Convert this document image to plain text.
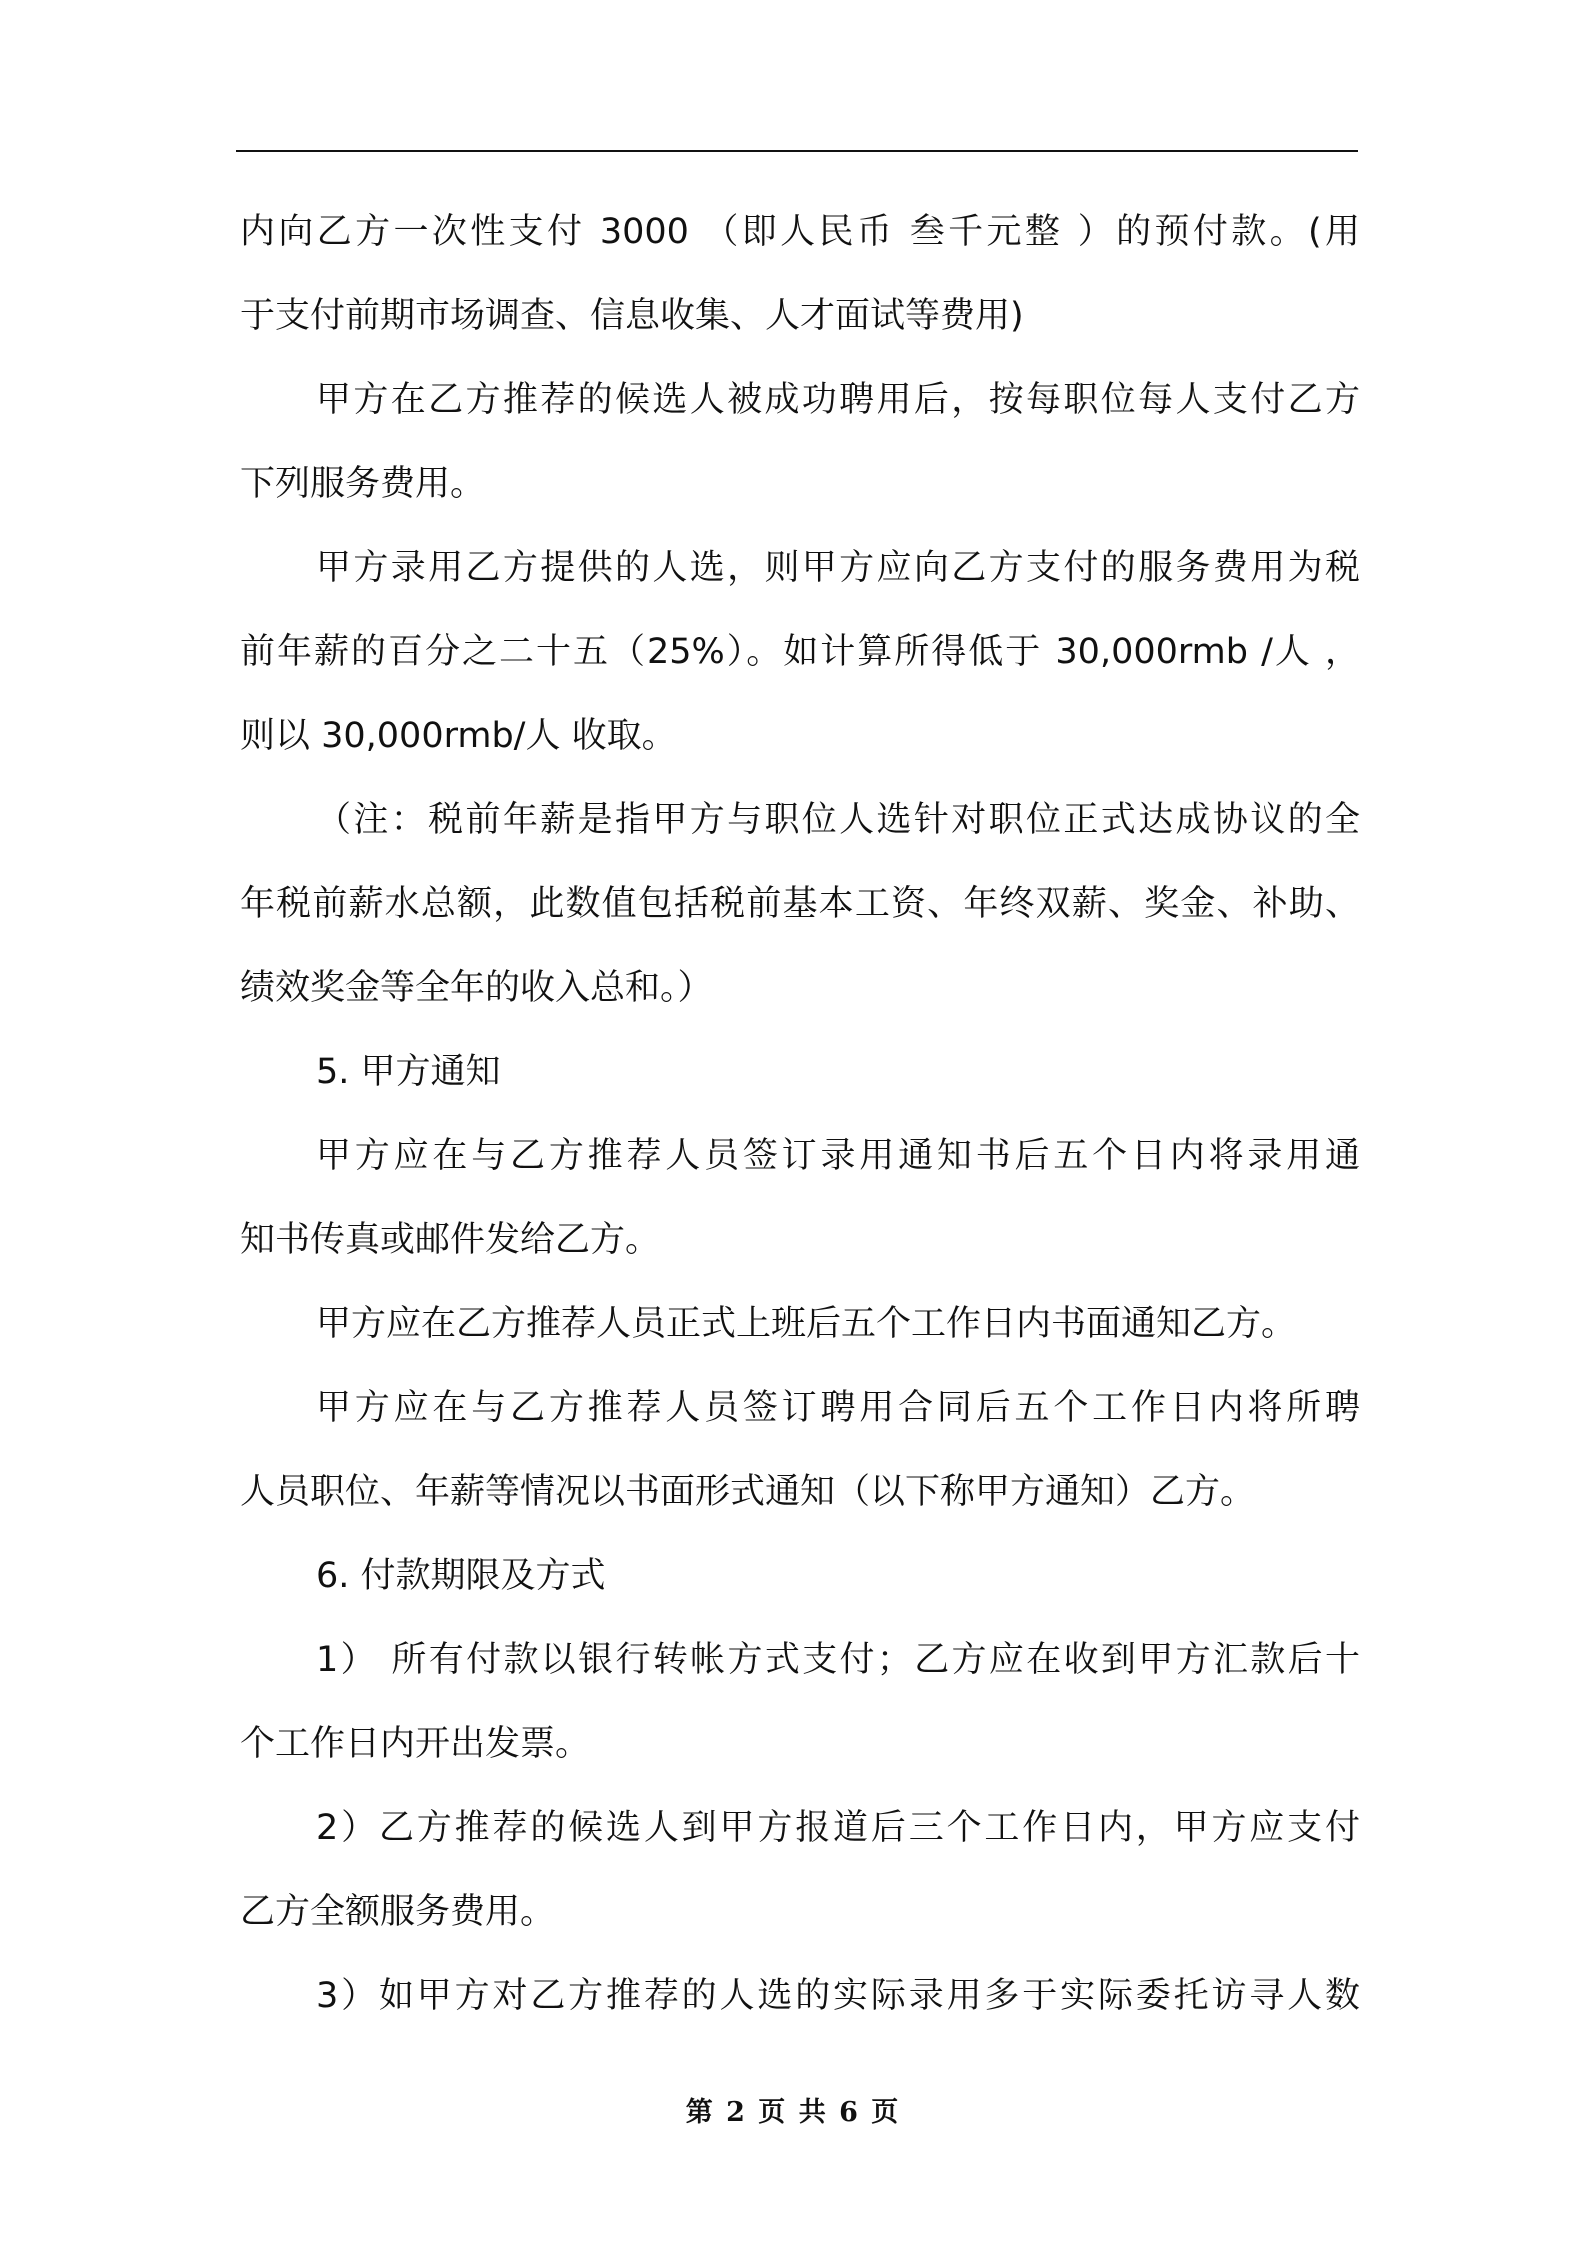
内向乙方一次性支付 3000 （即人民币 叁千元整 ）的预付款。(用
于支付前期市场调查、信息收集、人才面试等费用)
甲方在乙方推荐的候选人被成功聘用后，按每职位每人支付乙方
下列服务费用。
甲方录用乙方提供的人选，则甲方应向乙方支付的服务费用为税
前年薪的百分之二十五（25%）。如计算所得低于 30,000rmb /人 ，
则以 30,000rmb/人 收取。
（注：税前年薪是指甲方与职位人选针对职位正式达成协议的全
年税前薪水总额，此数值包括税前基本工资、年终双薪、奖金、补助、
绩效奖金等全年的收入总和。）
5. 甲方通知
甲方应在与乙方推荐人员签订录用通知书后五个日内将录用通
知书传真或邮件发给乙方。
甲方应在乙方推荐人员正式上班后五个工作日内书面通知乙方。
甲方应在与乙方推荐人员签订聘用合同后五个工作日内将所聘
人员职位、年薪等情况以书面形式通知（以下称甲方通知）乙方。
6. 付款期限及方式
1） 所有付款以银行转帐方式支付；乙方应在收到甲方汇款后十
个工作日内开出发票。
2）乙方推荐的候选人到甲方报道后三个工作日内，甲方应支付
乙方全额服务费用。
3）如甲方对乙方推荐的人选的实际录用多于实际委托访寻人数
第 2 页 共 6 页
